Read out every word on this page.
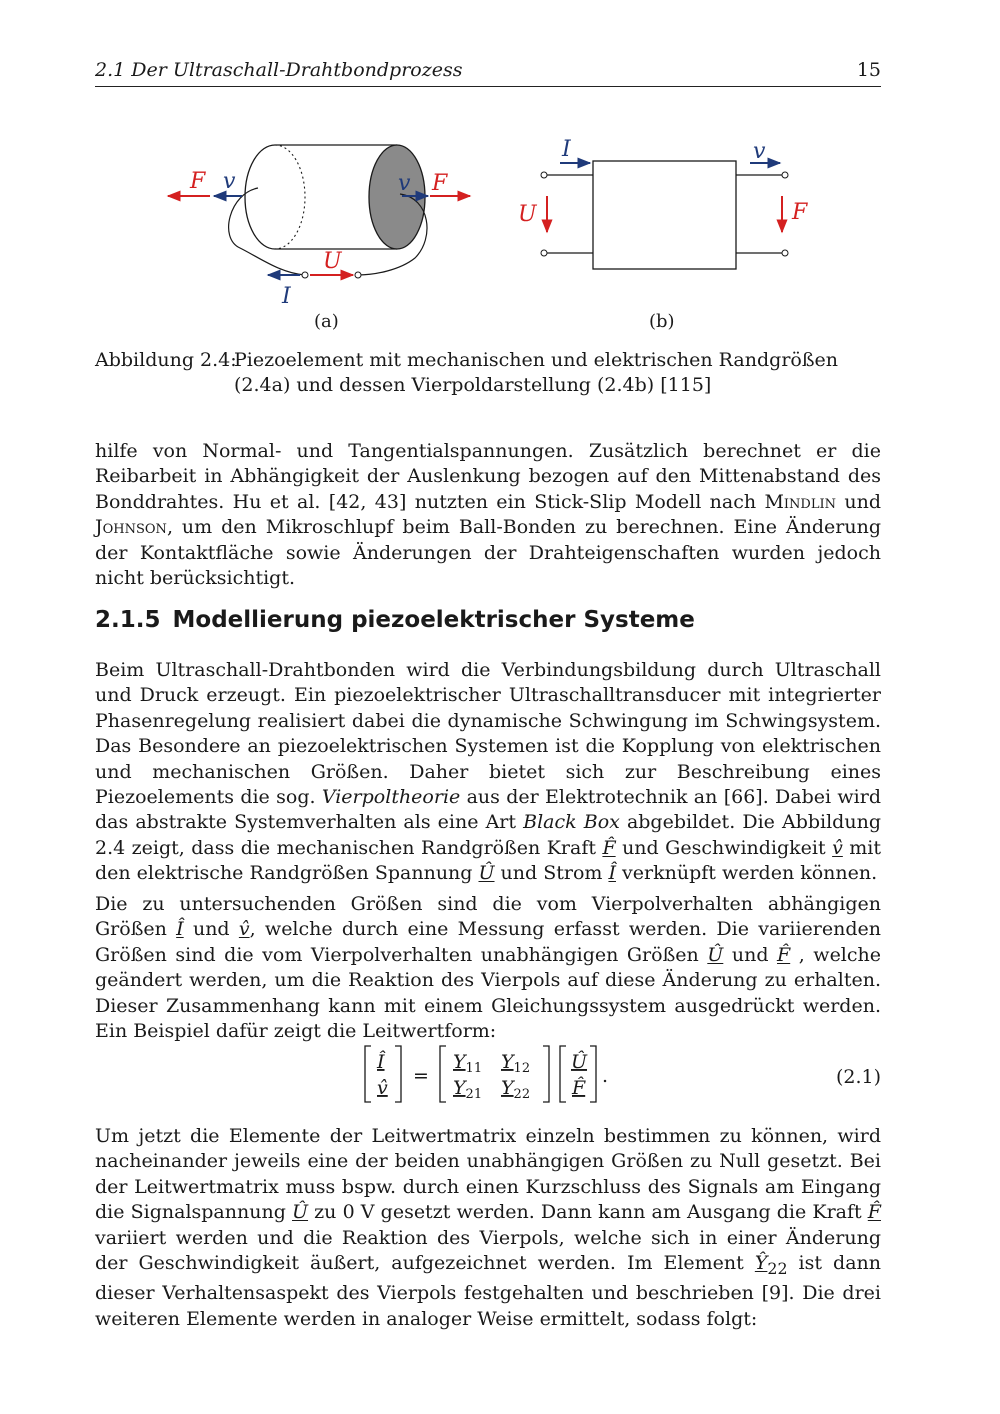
2.1 Der Ultraschall-Drahtbondprozess	15
F v	v F
U
I
(a)
I	v
U	F
(b)
Abbildung 2.4:
Piezoelement mit mechanischen und elektrischen Randgrößen (2.4a) und dessen Vierpoldarstellung (2.4b) [115]

hilfe von Normal- und Tangentialspannungen. Zusätzlich berechnet er die Reibarbeit in Abhängigkeit der Auslenkung bezogen auf den Mittenabstand des Bonddrahtes. Hu et al. [42, 43] nutzten ein Stick-Slip Modell nach Mindlin und Johnson, um den Mikroschlupf beim Ball-Bonden zu berechnen. Eine Änderung der Kontaktfläche sowie Änderungen der Drahteigenschaften wurden jedoch nicht berücksichtigt.

2.1.5 Modellierung piezoelektrischer Systeme

Beim Ultraschall-Drahtbonden wird die Verbindungsbildung durch Ultraschall und Druck erzeugt. Ein piezoelektrischer Ultraschalltransducer mit integrierter Phasenregelung realisiert dabei die dynamische Schwingung im Schwingsystem. Das Besondere an piezoelektrischen Systemen ist die Kopplung von elektrischen und mechanischen Größen. Daher bietet sich zur Beschreibung eines Piezoelements die sog. Vierpoltheorie aus der Elektrotechnik an [66]. Dabei wird das abstrakte Systemverhalten als eine Art Black Box abgebildet. Die Abbildung 2.4 zeigt, dass die mechanischen Randgrößen Kraft F̂ und Geschwindigkeit v̂ mit den elektrische Randgrößen Spannung Û und Strom Î verknüpft werden können.

Die zu untersuchenden Größen sind die vom Vierpolverhalten abhängigen Größen Î und v̂, welche durch eine Messung erfasst werden. Die variierenden Größen sind die vom Vierpolverhalten unabhängigen Größen Û und F̂ , welche geändert werden, um die Reaktion des Vierpols auf diese Änderung zu erhalten. Dieser Zusammenhang kann mit einem Gleichungssystem ausgedrückt werden. Ein Beispiel dafür zeigt die Leitwertform:

Î
v̂
=
$Y_{11}$ $Y_{12}$
$Y_{21}$ $Y_{22}$
Û
F̂
.	(2.1)

Um jetzt die Elemente der Leitwertmatrix einzeln bestimmen zu können, wird nacheinander jeweils eine der beiden unabhängigen Größen zu Null gesetzt. Bei der Leitwertmatrix muss bspw. durch einen Kurzschluss des Signals am Eingang die Signalspannung Û zu 0 V gesetzt werden. Dann kann am Ausgang die Kraft F̂ variiert werden und die Reaktion des Vierpols, welche sich in einer Änderung der Geschwindigkeit äußert, aufgezeichnet werden. Im Element $Ŷ_{22}$ ist dann dieser Verhaltensaspekt des Vierpols festgehalten und beschrieben [9]. Die drei weiteren Elemente werden in analoger Weise ermittelt, sodass folgt:
